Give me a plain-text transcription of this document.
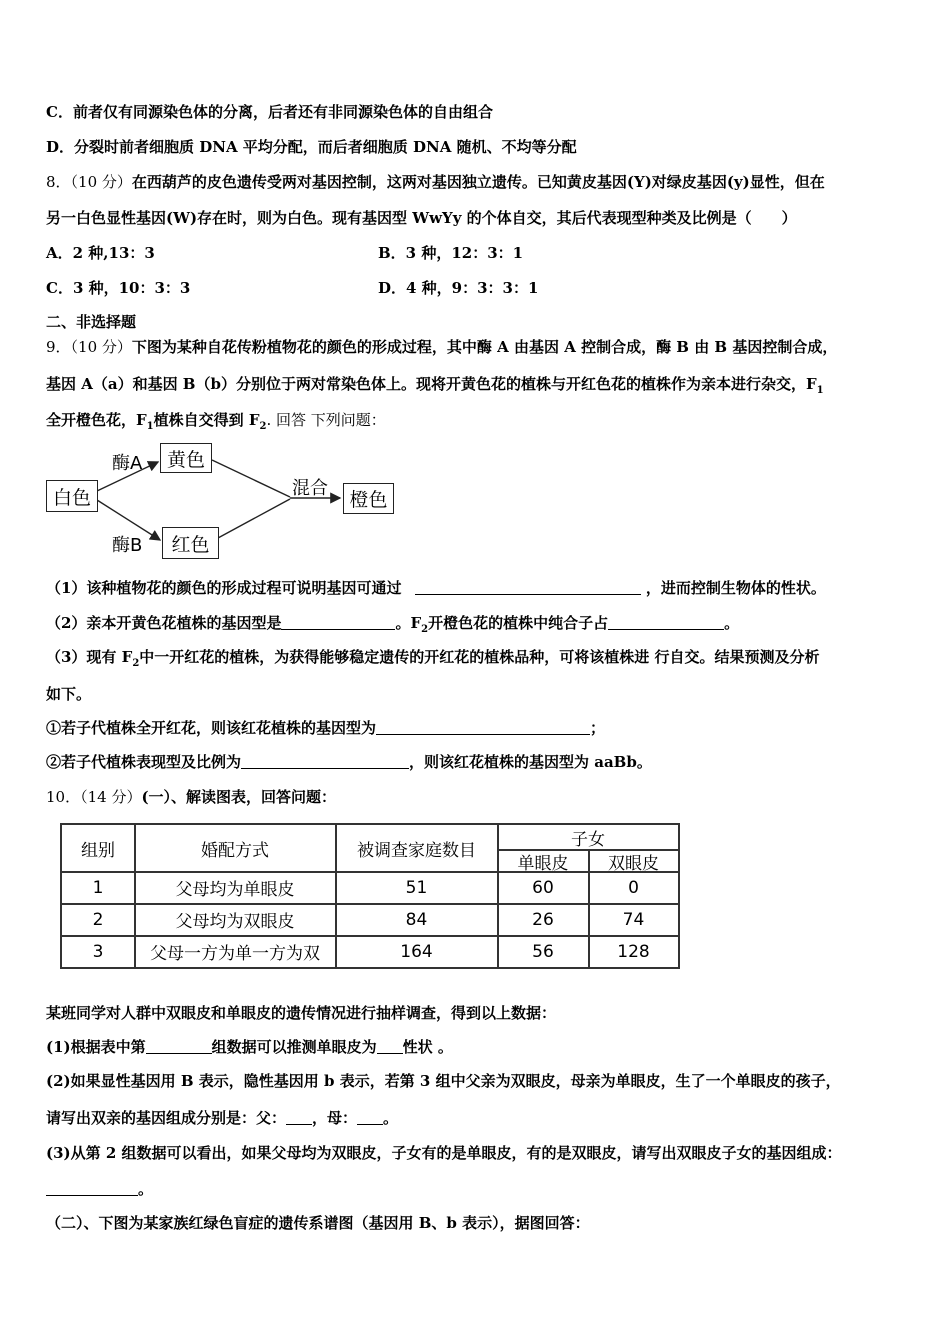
C．前者仅有同源染色体的分离，后者还有非同源染色体的自由组合
D．分裂时前者细胞质 DNA 平均分配，而后者细胞质 DNA 随机、不均等分配
8．（10 分）在西葫芦的皮色遗传受两对基因控制，这两对基因独立遗传。已知黄皮基因(Y)对绿皮基因(y)显性，但在
另一白色显性基因(W)存在时，则为白色。现有基因型 WwYy 的个体自交，其后代表现型种类及比例是（　　）
A．2 种,13：3	B．3 种，12：3：1
C．3 种，10：3：3	D．4 种，9：3：3：1
二、非选择题
9．（10 分）下图为某种自花传粉植物花的颜色的形成过程，其中酶 A 由基因 A 控制合成，酶 B 由 B 基因控制合成，
基因 A（a）和基因 B（b）分别位于两对常染色体上。现将开黄色花的植株与开红色花的植株作为亲本进行杂交，$F_1$
全开橙色花，$F_1$植株自交得到 $F_2$. 回答 下列问题：
白色
黄色
红色
橙色
酶A
酶B
混合
（1）该种植物花的颜色的形成过程可说明基因可通过	，进而控制生物体的性状。
（2）亲本开黄色花植株的基因型是	。$F_2$开橙色花的植株中纯合子占	。
（3）现有 $F_2$中一开红花的植株，为获得能够稳定遗传的开红花的植株品种，可将该植株进 行自交。结果预测及分析
如下。
①若子代植株全开红花，则该红花植株的基因型为	；
②若子代植株表现型及比例为	，则该红花植株的基因型为 aaBb。
10．（14 分）(一）、解读图表，回答问题：
组别	婚配方式	被调查家庭数目
子女
单眼皮	双眼皮
1	父母均为单眼皮	51	60	0
2	父母均为双眼皮	84	26	74
3	父母一方为单一方为双	164	56	128
某班同学对人群中双眼皮和单眼皮的遗传情况进行抽样调查，得到以上数据：
(1)根据表中第	组数据可以推测单眼皮为 性状 。
(2)如果显性基因用 B 表示，隐性基因用 b 表示，若第 3 组中父亲为双眼皮，母亲为单眼皮，生了一个单眼皮的孩子，
请写出双亲的基因组成分别是：父： ，母： 。
(3)从第 2 组数据可以看出，如果父母均为双眼皮，子女有的是单眼皮，有的是双眼皮，请写出双眼皮子女的基因组成：
。
（二）、下图为某家族红绿色盲症的遗传系谱图（基因用 B、b 表示），据图回答：
